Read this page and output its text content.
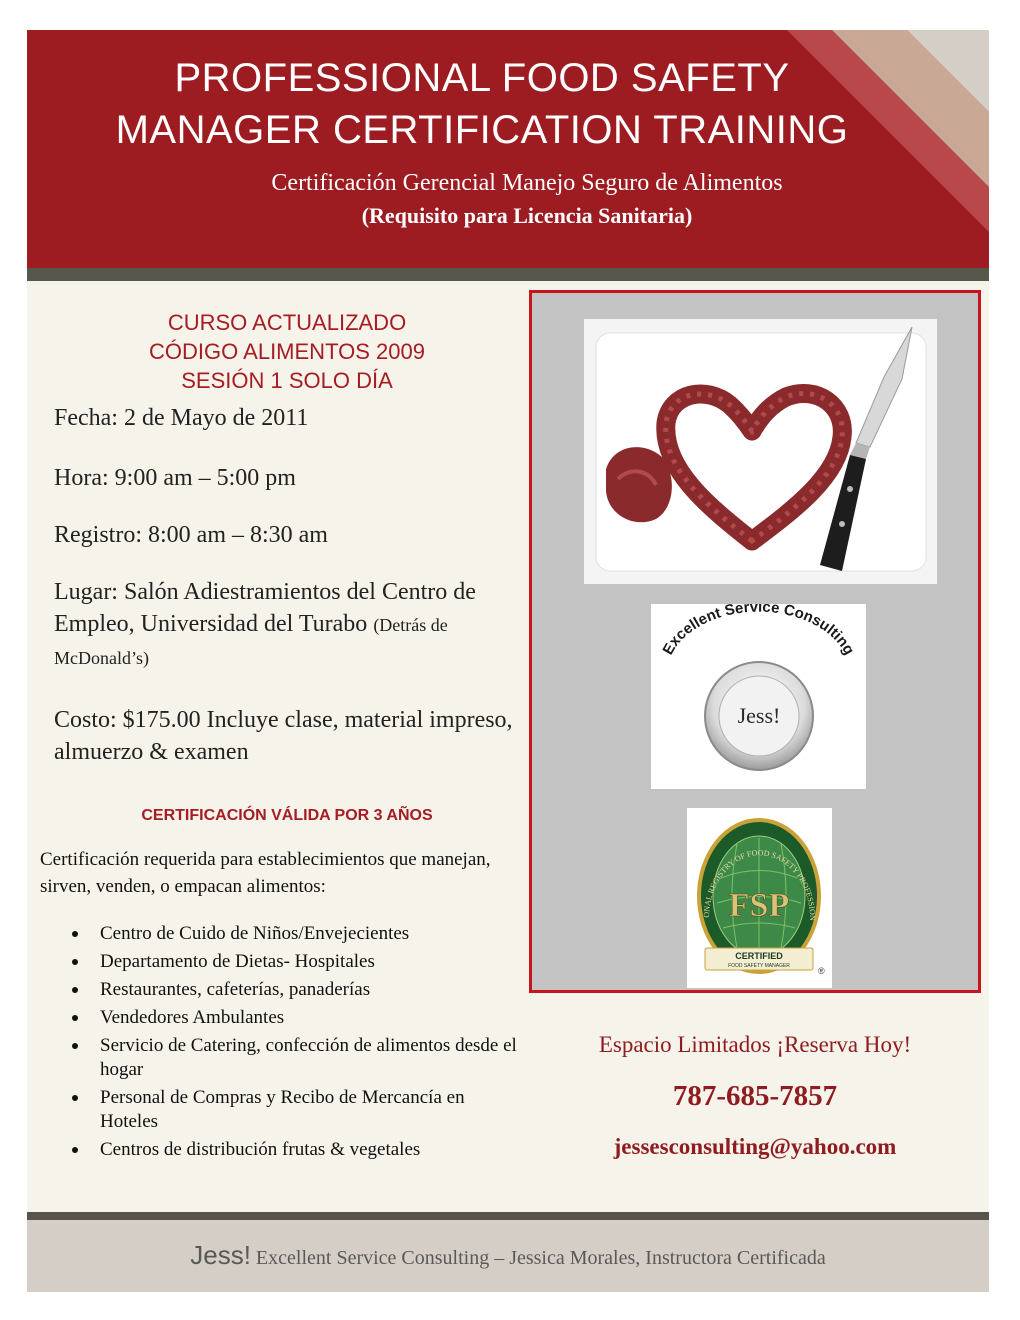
PROFESSIONAL FOOD SAFETY
MANAGER CERTIFICATION TRAINING
Certificación Gerencial Manejo Seguro de Alimentos
(Requisito para Licencia Sanitaria)
CURSO ACTUALIZADO
CÓDIGO ALIMENTOS 2009
SESIÓN 1 SOLO DÍA
Fecha: 2 de Mayo de 2011
Hora: 9:00 am – 5:00 pm
Registro: 8:00 am – 8:30 am
Lugar: Salón Adiestramientos del Centro de Empleo, Universidad del Turabo (Detrás de McDonald’s)
Costo: $175.00 Incluye clase, material impreso, almuerzo & examen
CERTIFICACIÓN VÁLIDA POR 3 AÑOS
Certificación requerida para establecimientos que manejan, sirven, venden, o empacan alimentos:
Centro de Cuido de Niños/Envejecientes
Departamento de Dietas- Hospitales
Restaurantes, cafeterías, panaderías
Vendedores Ambulantes
Servicio de Catering, confección de alimentos desde el hogar
Personal de Compras y Recibo de Mercancía en Hoteles
Centros de distribución frutas & vegetales
Excellent Service Consulting
Jess!
ONAL REGISTRY OF FOOD SAFETY PROFESSION
FSP
CERTIFIED
FOOD SAFETY MANAGER	®
Espacio Limitados ¡Reserva Hoy!
787-685-7857
jessesconsulting@yahoo.com
Jess! Excellent Service Consulting – Jessica Morales, Instructora Certificada
